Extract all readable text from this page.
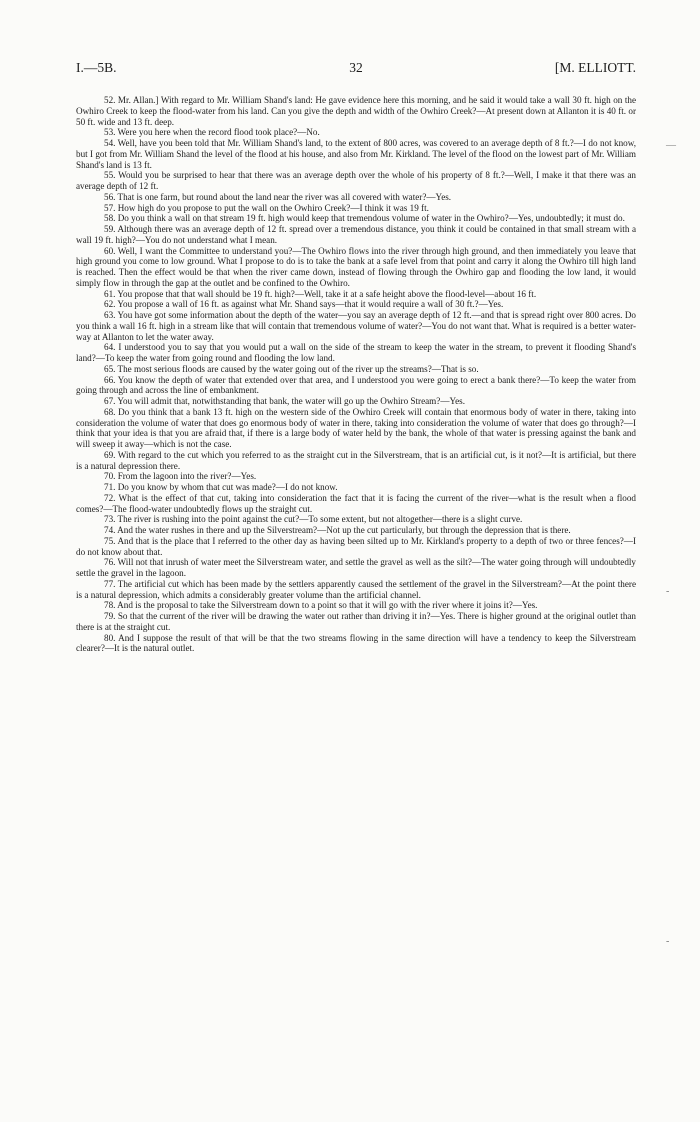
I.—5B.	32	[M. ELLIOTT.
—
-
-

52. Mr. Allan.] With regard to Mr. William Shand's land: He gave evidence here this morning, and he said it would take a wall 30 ft. high on the Owhiro Creek to keep the flood-water from his land. Can you give the depth and width of the Owhiro Creek?—At present down at Allanton it is 40 ft. or 50 ft. wide and 13 ft. deep.

53. Were you here when the record flood took place?—No.

54. Well, have you been told that Mr. William Shand's land, to the extent of 800 acres, was covered to an average depth of 8 ft.?—I do not know, but I got from Mr. William Shand the level of the flood at his house, and also from Mr. Kirkland. The level of the flood on the lowest part of Mr. William Shand's land is 13 ft.

55. Would you be surprised to hear that there was an average depth over the whole of his property of 8 ft.?—Well, I make it that there was an average depth of 12 ft.

56. That is one farm, but round about the land near the river was all covered with water?—Yes.

57. How high do you propose to put the wall on the Owhiro Creek?—I think it was 19 ft.

58. Do you think a wall on that stream 19 ft. high would keep that tremendous volume of water in the Owhiro?—Yes, undoubtedly; it must do.

59. Although there was an average depth of 12 ft. spread over a tremendous distance, you think it could be contained in that small stream with a wall 19 ft. high?—You do not understand what I mean.

60. Well, I want the Committee to understand you?—The Owhiro flows into the river through high ground, and then immediately you leave that high ground you come to low ground. What I propose to do is to take the bank at a safe level from that point and carry it along the Owhiro till high land is reached. Then the effect would be that when the river came down, instead of flowing through the Owhiro gap and flooding the low land, it would simply flow in through the gap at the outlet and be confined to the Owhiro.

61. You propose that that wall should be 19 ft. high?—Well, take it at a safe height above the flood-level—about 16 ft.

62. You propose a wall of 16 ft. as against what Mr. Shand says—that it would require a wall of 30 ft.?—Yes.

63. You have got some information about the depth of the water—you say an average depth of 12 ft.—and that is spread right over 800 acres. Do you think a wall 16 ft. high in a stream like that will contain that tremendous volume of water?—You do not want that. What is required is a better water-way at Allanton to let the water away.

64. I understood you to say that you would put a wall on the side of the stream to keep the water in the stream, to prevent it flooding Shand's land?—To keep the water from going round and flooding the low land.

65. The most serious floods are caused by the water going out of the river up the streams?—That is so.

66. You know the depth of water that extended over that area, and I understood you were going to erect a bank there?—To keep the water from going through and across the line of embankment.

67. You will admit that, notwithstanding that bank, the water will go up the Owhiro Stream?—Yes.

68. Do you think that a bank 13 ft. high on the western side of the Owhiro Creek will contain that enormous body of water in there, taking into consideration the volume of water that does go enormous body of water in there, taking into consideration the volume of water that does go through?—I think that your idea is that you are afraid that, if there is a large body of water held by the bank, the whole of that water is pressing against the bank and will sweep it away—which is not the case.

69. With regard to the cut which you referred to as the straight cut in the Silverstream, that is an artificial cut, is it not?—It is artificial, but there is a natural depression there.

70. From the lagoon into the river?—Yes.

71. Do you know by whom that cut was made?—I do not know.

72. What is the effect of that cut, taking into consideration the fact that it is facing the current of the river—what is the result when a flood comes?—The flood-water undoubtedly flows up the straight cut.

73. The river is rushing into the point against the cut?—To some extent, but not altogether—there is a slight curve.

74. And the water rushes in there and up the Silverstream?—Not up the cut particularly, but through the depression that is there.

75. And that is the place that I referred to the other day as having been silted up to Mr. Kirkland's property to a depth of two or three fences?—I do not know about that.

76. Will not that inrush of water meet the Silverstream water, and settle the gravel as well as the silt?—The water going through will undoubtedly settle the gravel in the lagoon.

77. The artificial cut which has been made by the settlers apparently caused the settlement of the gravel in the Silverstream?—At the point there is a natural depression, which admits a considerably greater volume than the artificial channel.

78. And is the proposal to take the Silverstream down to a point so that it will go with the river where it joins it?—Yes.

79. So that the current of the river will be drawing the water out rather than driving it in?—Yes. There is higher ground at the original outlet than there is at the straight cut.

80. And I suppose the result of that will be that the two streams flowing in the same direction will have a tendency to keep the Silverstream clearer?—It is the natural outlet.
